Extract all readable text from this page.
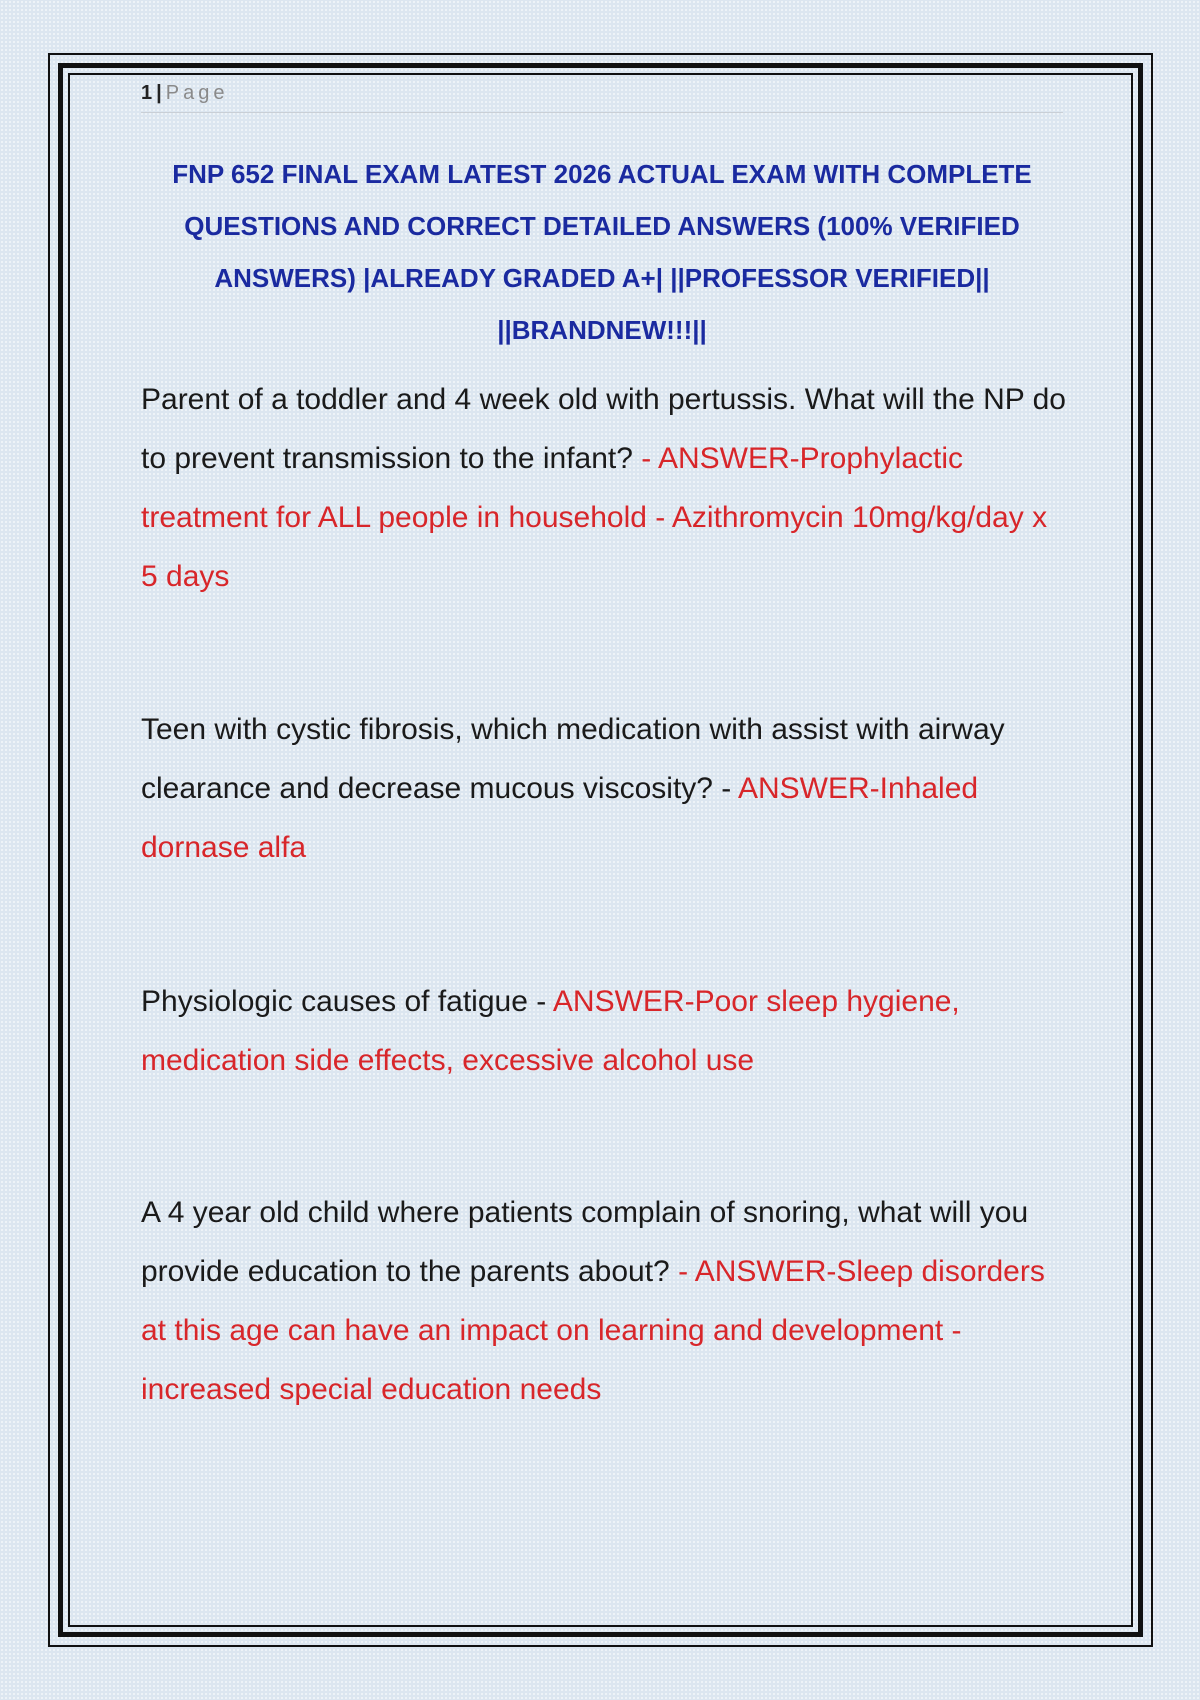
1 | Page
FNP 652 FINAL EXAM LATEST 2026 ACTUAL EXAM WITH COMPLETE QUESTIONS AND CORRECT DETAILED ANSWERS (100% VERIFIED ANSWERS) |ALREADY GRADED A+| ||PROFESSOR VERIFIED|| ||BRANDNEW!!!||

Parent of a toddler and 4 week old with pertussis. What will the NP do to prevent transmission to the infant? - ANSWER-Prophylactic treatment for ALL people in household - Azithromycin 10mg/kg/day x 5 days

Teen with cystic fibrosis, which medication with assist with airway clearance and decrease mucous viscosity? - ANSWER-Inhaled dornase alfa

Physiologic causes of fatigue - ANSWER-Poor sleep hygiene, medication side effects, excessive alcohol use

A 4 year old child where patients complain of snoring, what will you provide education to the parents about? - ANSWER-Sleep disorders at this age can have an impact on learning and development - increased special education needs
